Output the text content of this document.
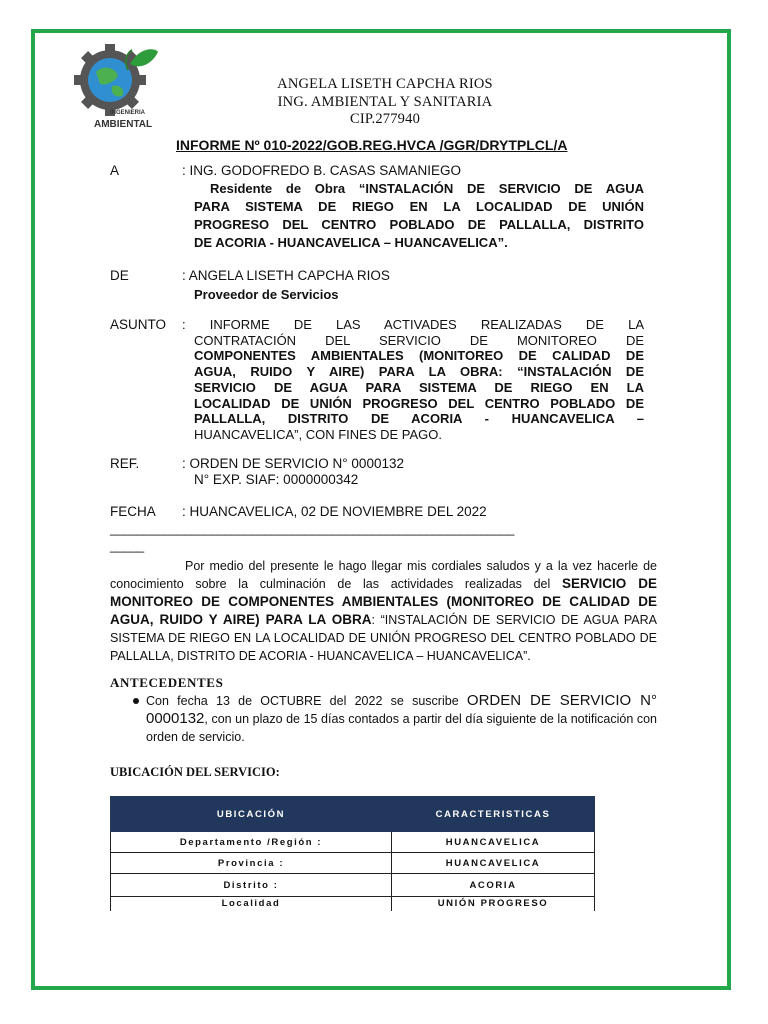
INGENIERIA
AMBIENTAL
ANGELA LISETH CAPCHA RIOS
ING. AMBIENTAL Y SANITARIA
CIP.277940
INFORME Nº 010-2022/GOB.REG.HVCA /GGR/DRYTPLCL/A
A	: ING. GODOFREDO B. CASAS SAMANIEGO
Residente de Obra “INSTALACIÓN DE SERVICIO DE AGUA
PARA SISTEMA DE RIEGO EN LA LOCALIDAD DE UNIÓN
PROGRESO DEL CENTRO POBLADO DE PALLALLA, DISTRITO
DE ACORIA - HUANCAVELICA – HUANCAVELICA”.
DE	: ANGELA LISETH CAPCHA RIOS
Proveedor de Servicios
ASUNTO : INFORME DE LAS ACTIVADES REALIZADAS DE LA
CONTRATACIÓN DEL SERVICIO DE MONITOREO DE
COMPONENTES AMBIENTALES (MONITOREO DE CALIDAD DE
AGUA, RUIDO Y AIRE) PARA LA OBRA: “INSTALACIÓN DE
SERVICIO DE AGUA PARA SISTEMA DE RIEGO EN LA
LOCALIDAD DE UNIÓN PROGRESO DEL CENTRO POBLADO DE
PALLALLA, DISTRITO DE ACORIA - HUANCAVELICA –
HUANCAVELICA”, CON FINES DE PAGO.
REF.	: ORDEN DE SERVICIO N° 0000132
N° EXP. SIAF: 0000000342
FECHA : HUANCAVELICA, 02 DE NOVIEMBRE DEL 2022
____________________________________________________________
_____
Por medio del presente le hago llegar mis cordiales saludos y a la vez hacerle de conocimiento sobre la culminación de las actividades realizadas del SERVICIO DE MONITOREO DE COMPONENTES AMBIENTALES (MONITOREO DE CALIDAD DE AGUA, RUIDO Y AIRE) PARA LA OBRA: “INSTALACIÓN DE SERVICIO DE AGUA PARA SISTEMA DE RIEGO EN LA LOCALIDAD DE UNIÓN PROGRESO DEL CENTRO POBLADO DE PALLALLA, DISTRITO DE ACORIA - HUANCAVELICA – HUANCAVELICA”.
ANTECEDENTES
Con fecha 13 de OCTUBRE del 2022 se suscribe ORDEN DE SERVICIO N° 0000132, con un plazo de 15 días contados a partir del día siguiente de la notificación con orden de servicio.
UBICACIÓN DEL SERVICIO:
UBICACIÓN	CARACTERISTICAS
Departamento /Región :	HUANCAVELICA
Provincia :	HUANCAVELICA
Distrito :	ACORIA
Localidad	UNIÓN PROGRESO
